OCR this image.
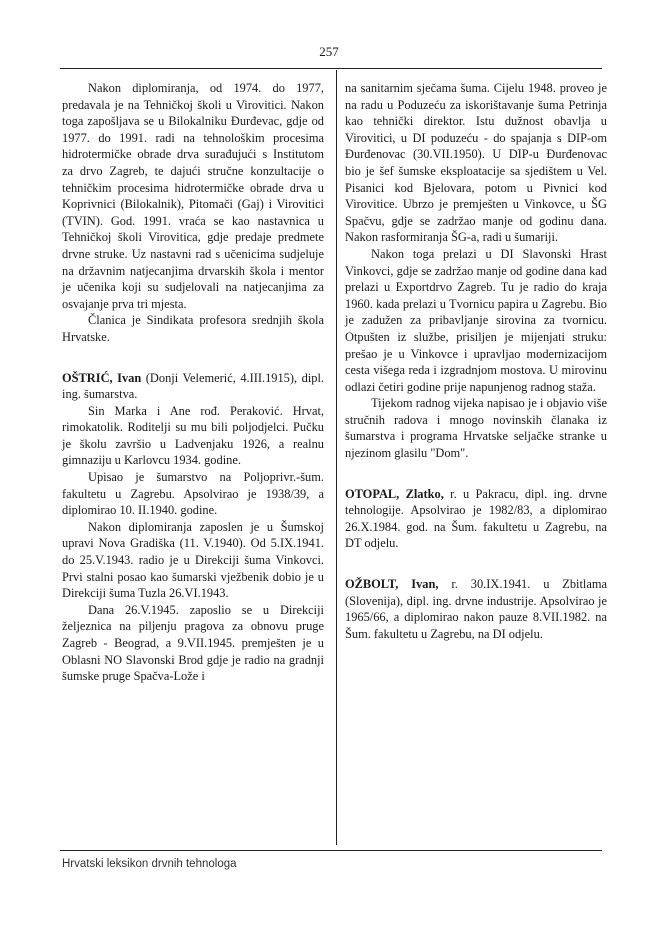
257

Nakon diplomiranja, od 1974. do 1977, predavala je na Tehničkoj školi u Virovitici. Nakon toga zapošljava se u Bilokalniku Đurđevac, gdje od 1977. do 1991. radi na tehnološkim procesima hidrotermičke obrade drva surađujući s Institutom za drvo Zagreb, te dajući stručne konzultacije o tehničkim procesima hidrotermičke obrade drva u Koprivnici (Bilokalnik), Pitomači (Gaj) i Virovitici (TVIN). God. 1991. vraća se kao nastavnica u Tehničkoj školi Virovitica, gdje predaje predmete drvne struke. Uz nastavni rad s učenicima sudjeluje na državnim natjecanjima drvarskih škola i mentor je učenika koji su sudjelovali na natjecanjima za osvajanje prva tri mjesta.

Članica je Sindikata profesora srednjih škola Hrvatske.

OŠTRIĆ, Ivan (Donji Velemerić, 4.III.1915), dipl. ing. šumarstva.

Sin Marka i Ane rođ. Peraković. Hrvat, rimokatolik. Roditelji su mu bili poljodjelci. Pučku je školu završio u Ladvenjaku 1926, a realnu gimnaziju u Karlovcu 1934. godine.

Upisao je šumarstvo na Poljoprivr.-šum. fakultetu u Zagrebu. Apsolvirao je 1938/39, a diplomirao 10. II.1940. godine.

Nakon diplomiranja zaposlen je u Šumskoj upravi Nova Gradiška (11. V.1940). Od 5.IX.1941. do 25.V.1943. radio je u Direkciji šuma Vinkovci. Prvi stalni posao kao šumarski vježbenik dobio je u Direkciji šuma Tuzla 26.VI.1943.

Dana 26.V.1945. zaposlio se u Direkciji željeznica na piljenju pragova za obnovu pruge Zagreb - Beograd, a 9.VII.1945. premješten je u Oblasni NO Slavonski Brod gdje je radio na gradnji šumske pruge Spačva-Lože i

na sanitarnim sječama šuma. Cijelu 1948. proveo je na radu u Poduzeću za iskorištavanje šuma Petrinja kao tehnički direktor. Istu dužnost obavlja u Virovitici, u DI poduzeću - do spajanja s DIP-om Đurđenovac (30.VII.1950). U DIP-u Đurđenovac bio je šef šumske eksploatacije sa sjedištem u Vel. Pisanici kod Bjelovara, potom u Pivnici kod Virovitice. Ubrzo je premješten u Vinkovce, u ŠG Spačvu, gdje se zadržao manje od godinu dana. Nakon rasformiranja ŠG-a, radi u šumariji.

Nakon toga prelazi u DI Slavonski Hrast Vinkovci, gdje se zadržao manje od godine dana kad prelazi u Exportdrvo Zagreb. Tu je radio do kraja 1960. kada prelazi u Tvornicu papira u Zagrebu. Bio je zadužen za pribavljanje sirovina za tvornicu. Otpušten iz službe, prisiljen je mijenjati struku: prešao je u Vinkovce i upravljao modernizacijom cesta višega reda i izgradnjom mostova. U mirovinu odlazi četiri godine prije napunjenog radnog staža.

Tijekom radnog vijeka napisao je i objavio više stručnih radova i mnogo novinskih članaka iz šumarstva i programa Hrvatske seljačke stranke u njezinom glasilu "Dom".

OTOPAL, Zlatko, r. u Pakracu, dipl. ing. drvne tehnologije. Apsolvirao je 1982/83, a diplomirao 26.X.1984. god. na Šum. fakultetu u Zagrebu, na DT odjelu.

OŽBOLT, Ivan, r. 30.IX.1941. u Zbitlama (Slovenija), dipl. ing. drvne industrije. Apsolvirao je 1965/66, a diplomirao nakon pauze 8.VII.1982. na Šum. fakultetu u Zagrebu, na DI odjelu.

Hrvatski leksikon drvnih tehnologa
